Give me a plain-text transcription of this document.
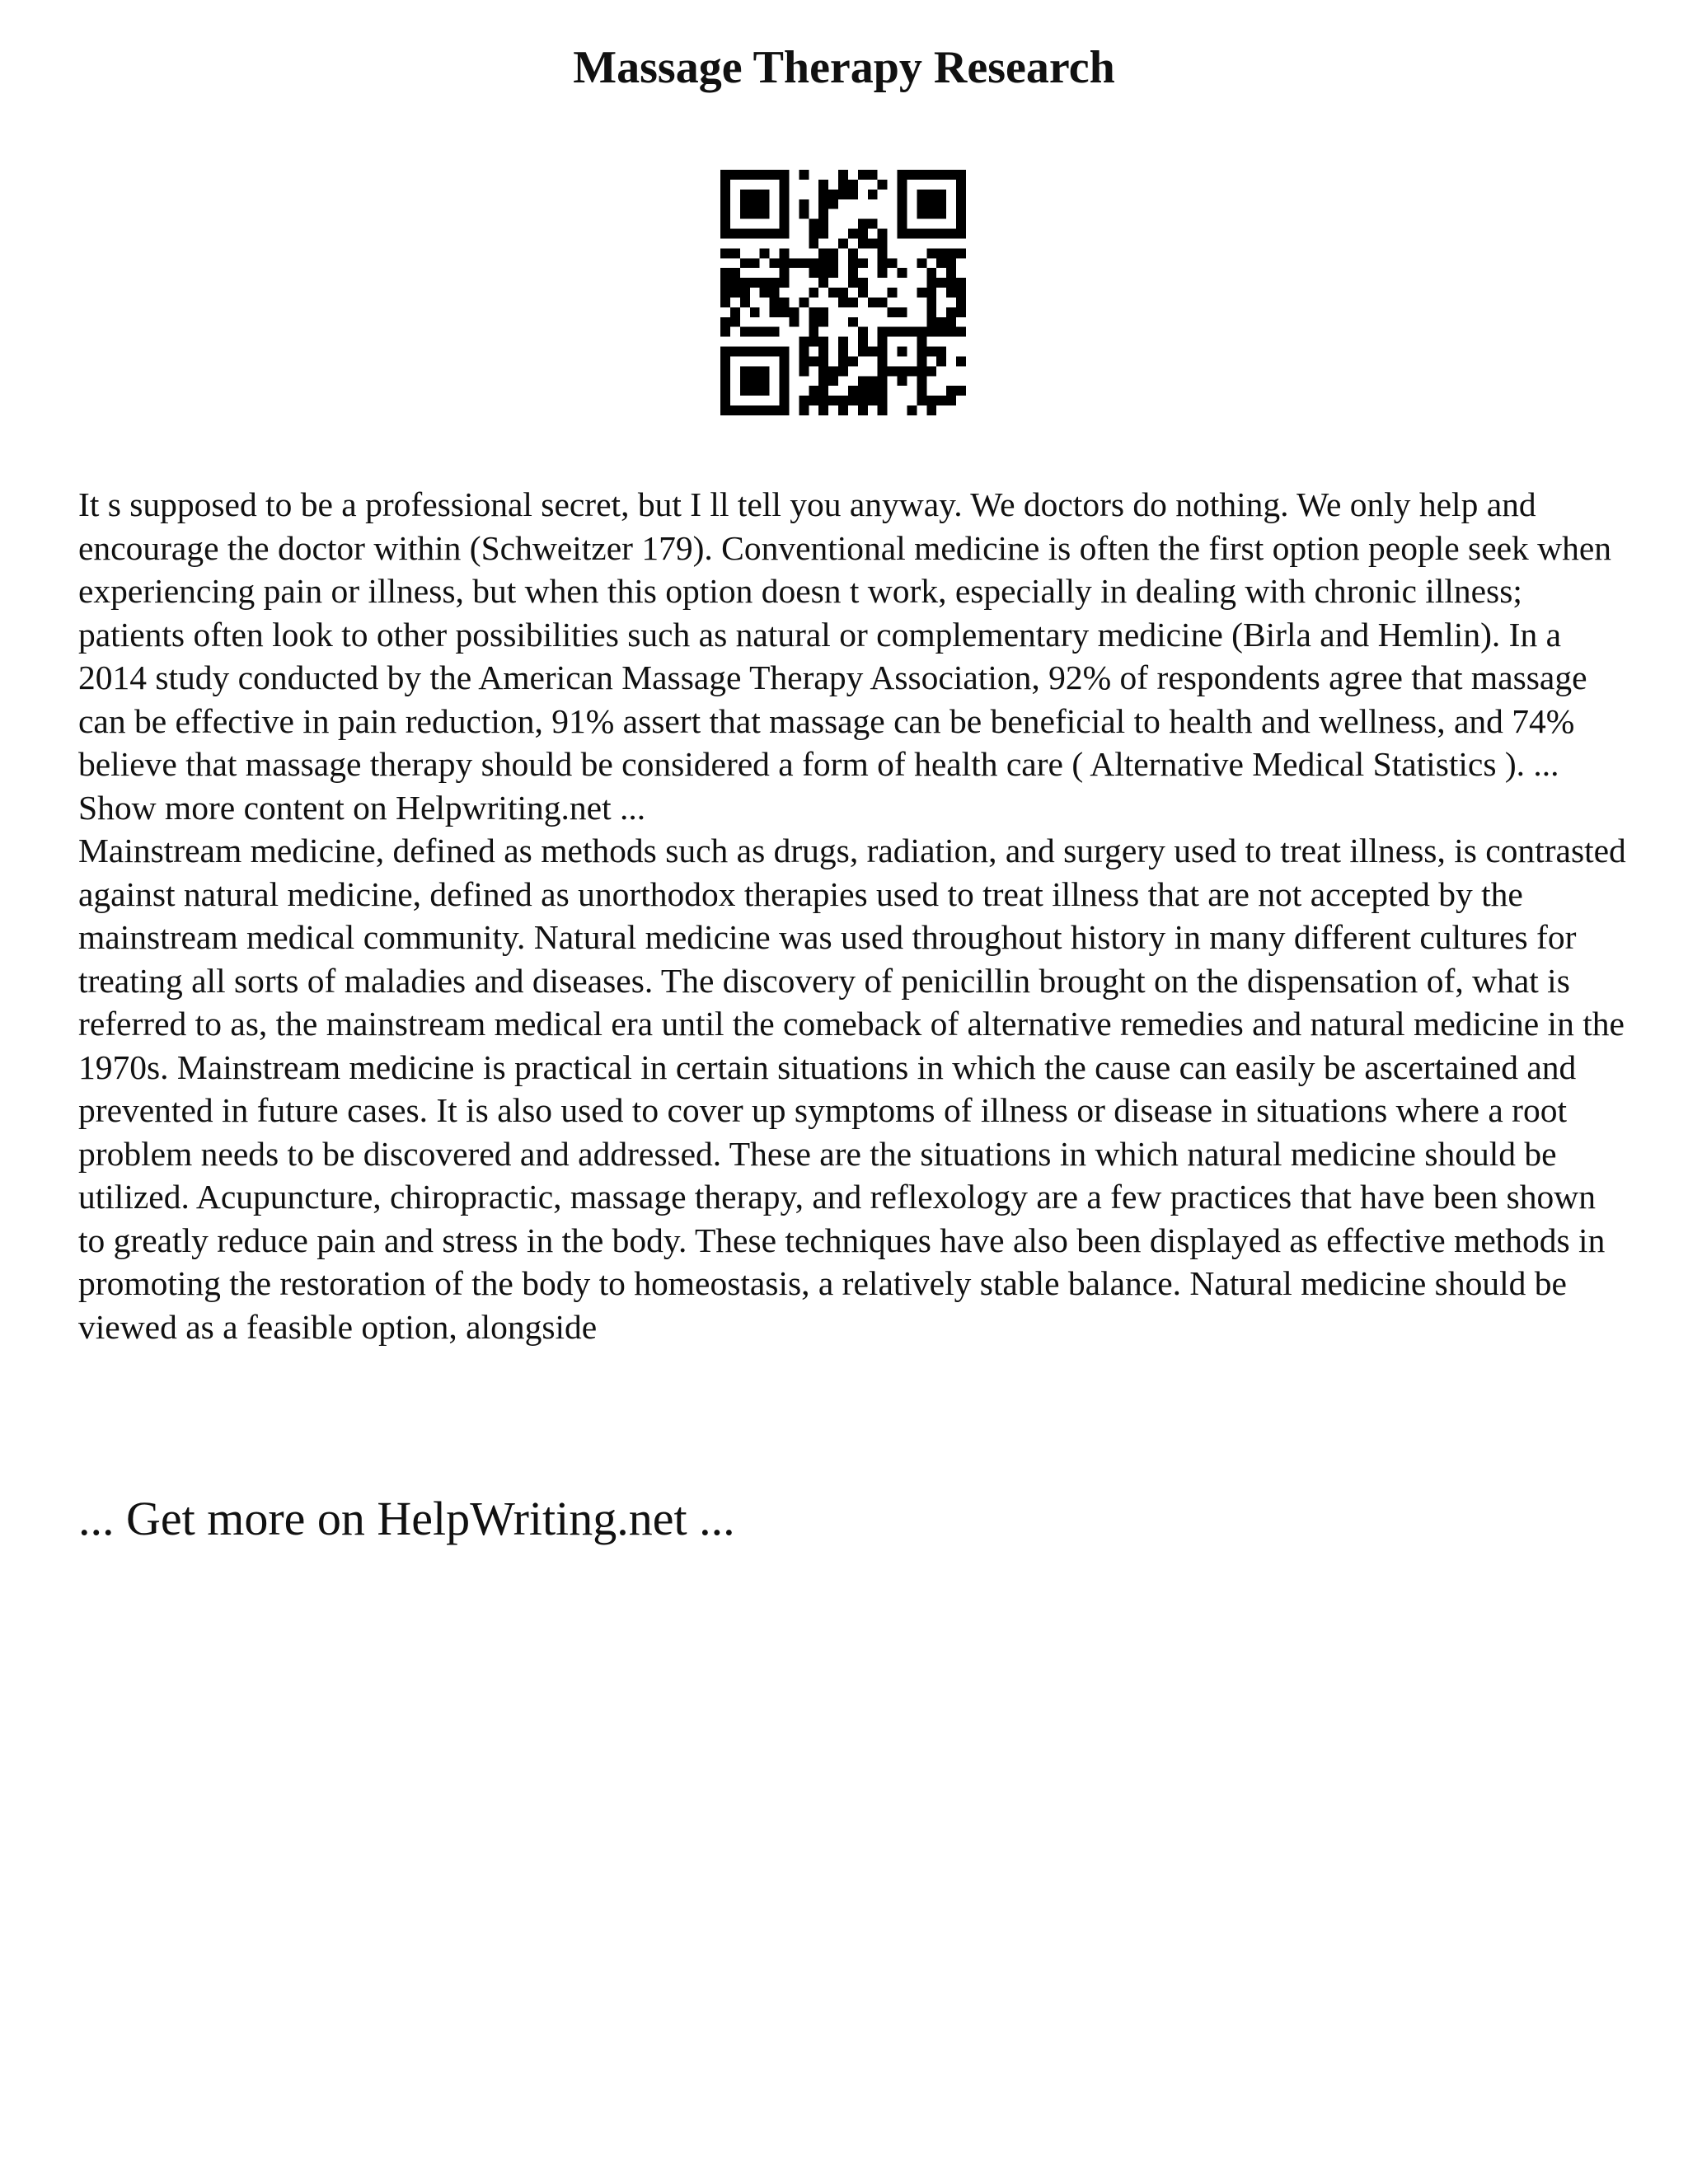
Massage Therapy Research

It s supposed to be a professional secret, but I ll tell you anyway. We doctors do nothing. We only help and encourage the doctor within (Schweitzer 179). Conventional medicine is often the first option people seek when experiencing pain or illness, but when this option doesn t work, especially in dealing with chronic illness; patients often look to other possibilities such as natural or complementary medicine (Birla and Hemlin). In a 2014 study conducted by the American Massage Therapy Association, 92% of respondents agree that massage can be effective in pain reduction, 91% assert that massage can be beneficial to health and wellness, and 74% believe that massage therapy should be considered a form of health care ( Alternative Medical Statistics ). ... Show more content on Helpwriting.net ...

Mainstream medicine, defined as methods such as drugs, radiation, and surgery used to treat illness, is contrasted against natural medicine, defined as unorthodox therapies used to treat illness that are not accepted by the mainstream medical community. Natural medicine was used throughout history in many different cultures for treating all sorts of maladies and diseases. The discovery of penicillin brought on the dispensation of, what is referred to as, the mainstream medical era until the comeback of alternative remedies and natural medicine in the 1970s. Mainstream medicine is practical in certain situations in which the cause can easily be ascertained and prevented in future cases. It is also used to cover up symptoms of illness or disease in situations where a root problem needs to be discovered and addressed. These are the situations in which natural medicine should be utilized. Acupuncture, chiropractic, massage therapy, and reflexology are a few practices that have been shown to greatly reduce pain and stress in the body. These techniques have also been displayed as effective methods in promoting the restoration of the body to homeostasis, a relatively stable balance. Natural medicine should be viewed as a feasible option, alongside

... Get more on HelpWriting.net ...
